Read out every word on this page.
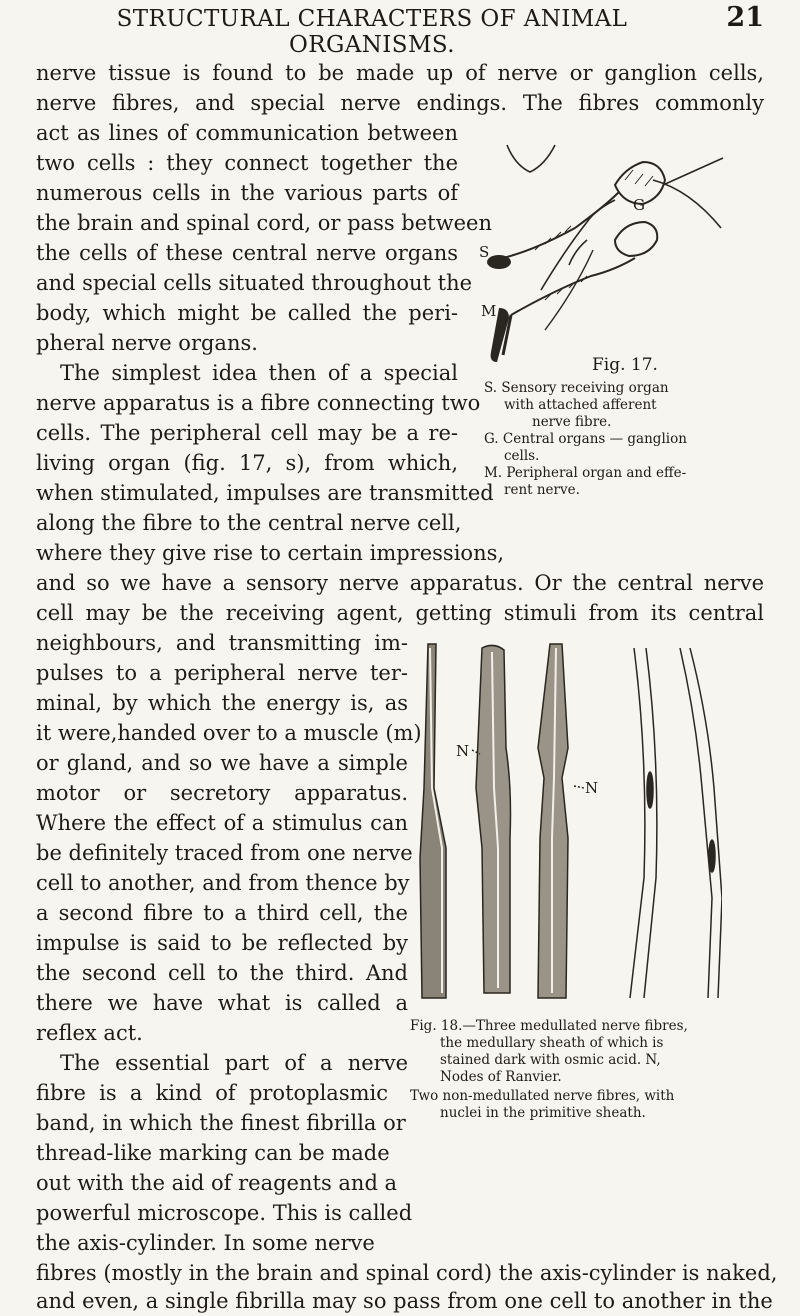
STRUCTURAL CHARACTERS OF ANIMAL ORGANISMS.
21
nerve tissue is found to be made up of nerve or ganglion cells,
nerve fibres, and special nerve endings. The fibres commonly
act as lines of communication between
two cells : they connect together the
numerous cells in the various parts of
the brain and spinal cord, or pass between
the cells of these central nerve organs
and special cells situated throughout the
body, which might be called the peri-
pheral nerve organs.
The simplest idea then of a special
nerve apparatus is a fibre connecting two
cells. The peripheral cell may be a re-
living organ (fig. 17, s), from which,
when stimulated, impulses are transmitted
along the fibre to the central nerve cell,
where they give rise to certain impressions,
and so we have a sensory nerve apparatus. Or the central nerve
cell may be the receiving agent, getting stimuli from its central
neighbours, and transmitting im-
pulses to a peripheral nerve ter-
minal, by which the energy is, as
it were,handed over to a muscle (m)
or gland, and so we have a simple
motor or secretory apparatus.
Where the effect of a stimulus can
be definitely traced from one nerve
cell to another, and from thence by
a second fibre to a third cell, the
impulse is said to be reflected by
the second cell to the third. And
there we have what is called a
reflex act.
The essential part of a nerve
fibre is a kind of protoplasmic
band, in which the finest fibrilla or
thread-like marking can be made
out with the aid of reagents and a
powerful microscope. This is called
the axis-cylinder. In some nerve
fibres (mostly in the brain and spinal cord) the axis-cylinder is naked,
and even, a single fibrilla may so pass from one cell to another in the
G
S
M
Fig. 17.
S. Sensory receiving organ
with attached afferent
nerve fibre.
G. Central organs — ganglion
cells.
M. Peripheral organ and effe-
rent nerve.
N
N
Fig. 18.—Three medullated nerve fibres,
the medullary sheath of which is
stained dark with osmic acid. N,
Nodes of Ranvier.
Two non-medullated nerve fibres, with
nuclei in the primitive sheath.
